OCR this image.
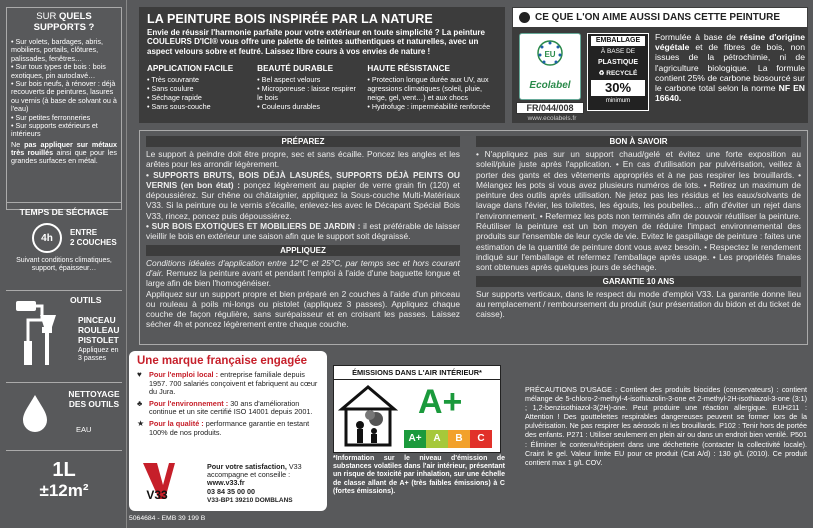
SUR QUELS SUPPORTS ?
• Sur volets, bardages, abris, mobiliers, portails, clôtures, palissades, fenêtres…
• Sur tous types de bois : bois exotiques, pin autoclavé…
• Sur bois neufs, à rénover : déjà recouverts de peintures, lasures ou vernis (à base de solvant ou à l'eau)
• Sur petites ferronneries
• Sur supports extérieurs et intérieurs
Ne pas appliquer sur métaux très rouillés ainsi que pour les grandes surfaces en métal.
TEMPS DE SÉCHAGE
4h ENTRE
2 COUCHES
Suivant conditions climatiques, support, épaisseur…
OUTILS
PINCEAU
ROULEAU
PISTOLET
Appliquez en 3 passes
NETTOYAGE DES OUTILS
EAU
1L
±12m²
LA PEINTURE BOIS INSPIRÉE PAR LA NATURE
Envie de réussir l'harmonie parfaite pour votre extérieur en toute simplicité ? La peinture COULEURS D'ICI® vous offre une palette de teintes authentiques et naturelles, avec un aspect velours sobre et feutré. Laissez libre cours à vos envies de nature !
APPLICATION FACILE
• Très couvrante
• Sans coulure
• Séchage rapide
• Sans sous-couche
BEAUTÉ DURABLE
• Bel aspect velours
• Microporeuse : laisse respirer le bois
• Couleurs durables
HAUTE RÉSISTANCE
• Protection longue durée aux UV, aux agressions climatiques (soleil, pluie, neige, gel, vent…) et aux chocs
• Hydrofuge : imperméabilité renforcée
CE QUE L'ON AIME AUSSI DANS CETTE PEINTURE
EU
Ecolabel
FR/044/008
www.ecolabels.fr
EMBALLAGE
À BASE DE
PLASTIQUE
♻ RECYCLÉ
30%
minimum
Formulée à base de résine d'origine végétale et de fibres de bois, non issues de la pétrochimie, ni de l'agriculture biologique. La formule contient 25% de carbone biosourcé sur le carbone total selon la norme NF EN 16640.
PRÉPAREZ
Le support à peindre doit être propre, sec et sans écaille. Poncez les angles et les arêtes pour les arrondir légèrement.
• SUPPORTS BRUTS, BOIS DÉJÀ LASURÉS, SUPPORTS DÉJÀ PEINTS OU VERNIS (en bon état) : ponçez légèrement au papier de verre grain fin (120) et dépoussiérez. Sur chêne ou châtaignier, appliquez la Sous-couche Multi-Matériaux V33. Si la peinture ou le vernis s'écaille, enlevez-les avec le Décapant Spécial Bois V33, rincez, poncez puis dépoussiérez.
• SUR BOIS EXOTIQUES ET MOBILIERS DE JARDIN : il est préférable de laisser vieillir le bois en extérieur une saison afin que le support soit dégraissé.
APPLIQUEZ
Conditions idéales d'application entre 12°C et 25°C, par temps sec et hors courant d'air. Remuez la peinture avant et pendant l'emploi à l'aide d'une baguette longue et large afin de bien l'homogénéiser.
Appliquez sur un support propre et bien préparé en 2 couches à l'aide d'un pinceau ou rouleau à poils mi-longs ou pistolet (appliquez 3 passes). Appliquez chaque couche de façon régulière, sans surépaisseur et en croisant les passes. Laissez sécher 4h et poncez légèrement entre chaque couche.
BON À SAVOIR
• N'appliquez pas sur un support chaud/gelé et évitez une forte exposition au soleil/pluie juste après l'application. • En cas d'utilisation par pulvérisation, veillez à porter des gants et des vêtements appropriés et à ne pas respirer les brouillards. • Mélangez les pots si vous avez plusieurs numéros de lots. • Retirez un maximum de peinture des outils après utilisation. Ne jetez pas les résidus et les eaux/solvants de lavage dans l'évier, les toilettes, les égouts, les poubelles… afin d'éviter un rejet dans l'environnement. • Refermez les pots non terminés afin de pouvoir réutiliser la peinture. Réutiliser la peinture est un bon moyen de réduire l'impact environnemental des produits sur l'ensemble de leur cycle de vie. Evitez le gaspillage de peinture : faites une estimation de la quantité de peinture dont vous avez besoin. • Respectez le rendement indiqué sur l'emballage et refermez l'emballage après usage. • Les propriétés finales sont obtenues après quelques jours de séchage.
GARANTIE 10 ANS
Sur supports verticaux, dans le respect du mode d'emploi V33. La garantie donne lieu au remplacement / remboursement du produit (sur présentation du bidon et du ticket de caisse).
Une marque française engagée
♥ Pour l'emploi local : entreprise familiale depuis 1957. 700 salariés conçoivent et fabriquent au cœur du Jura.
♣ Pour l'environnement : 30 ans d'amélioration continue et un site certifié ISO 14001 depuis 2001.
★ Pour la qualité : performance garantie en testant 100% de nos produits.
V33
Pour votre satisfaction, V33
accompagne et conseille :
www.v33.fr
03 84 35 00 00
V33-BP1 39210 DOMBLANS
ÉMISSIONS DANS L'AIR INTÉRIEUR*
A+
A+	A	B	C
*Information sur le niveau d'émission de substances volatiles dans l'air intérieur, présentant un risque de toxicité par inhalation, sur une échelle de classe allant de A+ (très faibles émissions) à C (fortes émissions).
PRÉCAUTIONS D'USAGE : Contient des produits biocides (conservateurs) : contient mélange de 5-chloro-2-methyl-4-isothiazolin-3-one et 2-methyl-2H-isothiazol-3-one (3:1) ; 1,2-benzisothiazol-3(2H)-one. Peut produire une réaction allergique. EUH211 : Attention ! Des gouttelettes respirables dangereuses peuvent se former lors de la pulvérisation. Ne pas respirer les aérosols ni les brouillards. P102 : Tenir hors de portée des enfants. P271 : Utiliser seulement en plein air ou dans un endroit bien ventilé. P501 : Éliminer le contenu/récipient dans une déchetterie (contacter la collectivité locale). Craint le gel. Valeur limite EU pour ce produit (Cat A/d) : 130 g/L (2010). Ce produit contient max 1 g/L COV.
5064684 - EMB 39 199 B
